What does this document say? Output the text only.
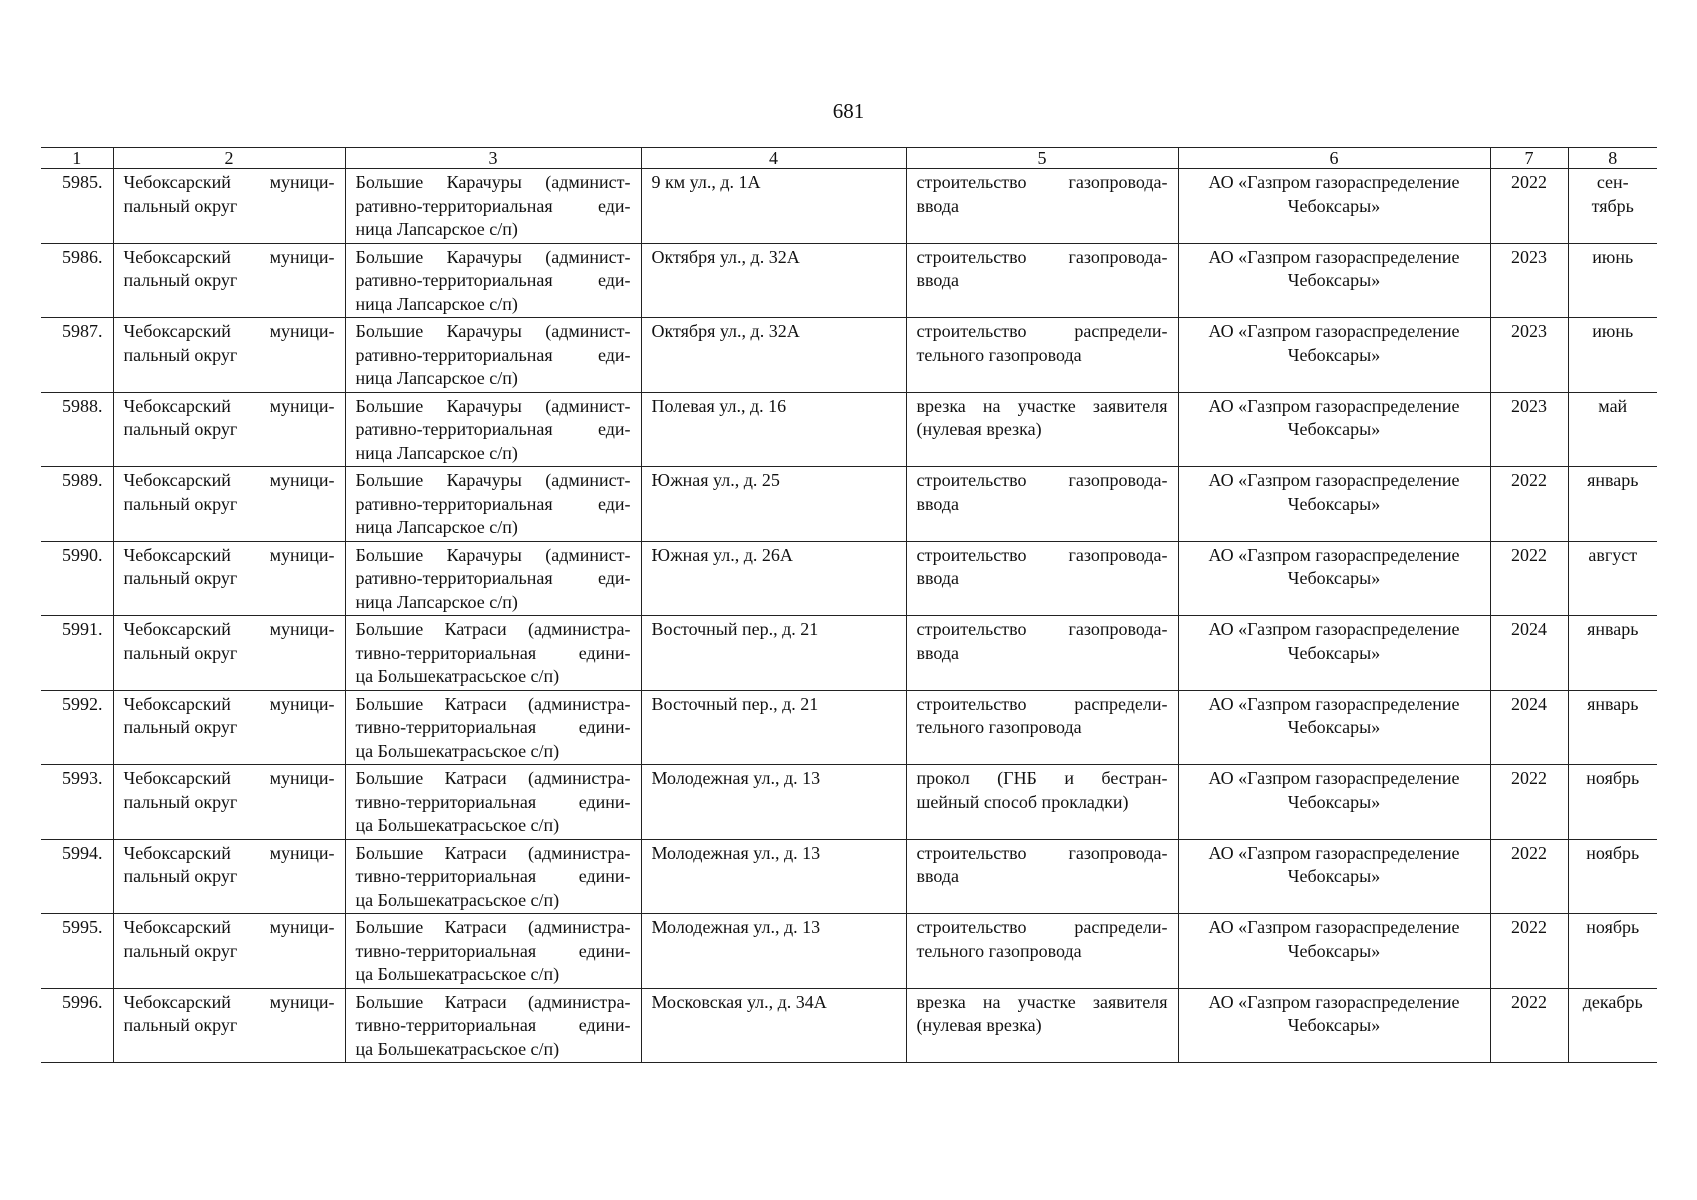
681
1	2	3	4	5	6	7	8
5985.	Чебоксарский муници-
пальный округ	Большие Карачуры (админист-
ративно-территориальная еди-
ница Лапсарское с/п)	9 км ул., д. 1А	строительство газопровода-
ввода	АО «Газпром газораспределение
Чебоксары»	2022	сен-
тябрь

5986.	Чебоксарский муници-
пальный округ	Большие Карачуры (админист-
ративно-территориальная еди-
ница Лапсарское с/п)	Октября ул., д. 32А	строительство газопровода-
ввода	АО «Газпром газораспределение
Чебоксары»	2023	июнь

5987.	Чебоксарский муници-
пальный округ	Большие Карачуры (админист-
ративно-территориальная еди-
ница Лапсарское с/п)	Октября ул., д. 32А	строительство распредели-
тельного газопровода	АО «Газпром газораспределение
Чебоксары»	2023	июнь

5988.	Чебоксарский муници-
пальный округ	Большие Карачуры (админист-
ративно-территориальная еди-
ница Лапсарское с/п)	Полевая ул., д. 16	врезка на участке заявителя
(нулевая врезка)	АО «Газпром газораспределение
Чебоксары»	2023	май

5989.	Чебоксарский муници-
пальный округ	Большие Карачуры (админист-
ративно-территориальная еди-
ница Лапсарское с/п)	Южная ул., д. 25	строительство газопровода-
ввода	АО «Газпром газораспределение
Чебоксары»	2022	январь

5990.	Чебоксарский муници-
пальный округ	Большие Карачуры (админист-
ративно-территориальная еди-
ница Лапсарское с/п)	Южная ул., д. 26А	строительство газопровода-
ввода	АО «Газпром газораспределение
Чебоксары»	2022	август

5991.	Чебоксарский муници-
пальный округ	Большие Катраси (администра-
тивно-территориальная едини-
ца Большекатрасьское с/п)	Восточный пер., д. 21	строительство газопровода-
ввода	АО «Газпром газораспределение
Чебоксары»	2024	январь

5992.	Чебоксарский муници-
пальный округ	Большие Катраси (администра-
тивно-территориальная едини-
ца Большекатрасьское с/п)	Восточный пер., д. 21	строительство распредели-
тельного газопровода	АО «Газпром газораспределение
Чебоксары»	2024	январь

5993.	Чебоксарский муници-
пальный округ	Большие Катраси (администра-
тивно-территориальная едини-
ца Большекатрасьское с/п)	Молодежная ул., д. 13	прокол (ГНБ и бестран-
шейный способ прокладки)	АО «Газпром газораспределение
Чебоксары»	2022	ноябрь

5994.	Чебоксарский муници-
пальный округ	Большие Катраси (администра-
тивно-территориальная едини-
ца Большекатрасьское с/п)	Молодежная ул., д. 13	строительство газопровода-
ввода	АО «Газпром газораспределение
Чебоксары»	2022	ноябрь

5995.	Чебоксарский муници-
пальный округ	Большие Катраси (администра-
тивно-территориальная едини-
ца Большекатрасьское с/п)	Молодежная ул., д. 13	строительство распредели-
тельного газопровода	АО «Газпром газораспределение
Чебоксары»	2022	ноябрь

5996.	Чебоксарский муници-
пальный округ	Большие Катраси (администра-
тивно-территориальная едини-
ца Большекатрасьское с/п)	Московская ул., д. 34А	врезка на участке заявителя
(нулевая врезка)	АО «Газпром газораспределение
Чебоксары»	2022	декабрь
